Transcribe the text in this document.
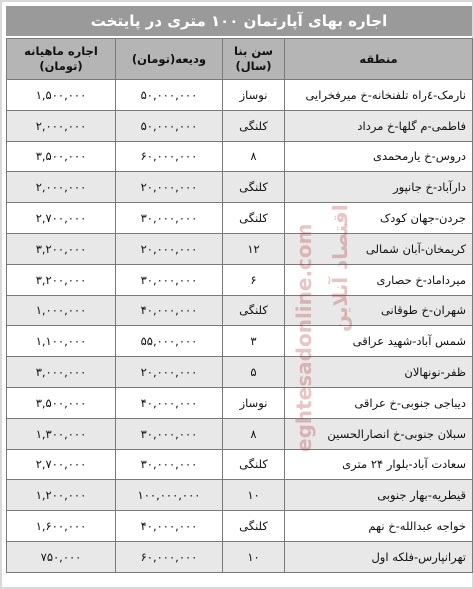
اجاره بهای آپارتمان ۱۰۰ متری در پایتخت
منطقه	سن بنا (سال)	ودیعه(تومان)	اجاره ماهیانه (تومان)
نارمک-٤راه تلفنخانه-خ میرفخرایی	نوساز	۵۰,۰۰۰,۰۰۰	۱,۵۰۰,۰۰۰
فاطمی-م گلها-خ مرداد	کلنگی	۵۰,۰۰۰,۰۰۰	۲,۰۰۰,۰۰۰
دروس-خ یارمحمدی	۸	۶۰,۰۰۰,۰۰۰	۳,۵۰۰,۰۰۰
دارآباد-خ جانپور	کلنگی	۲۰,۰۰۰,۰۰۰	۲,۰۰۰,۰۰۰
جردن-جهان کودک	کلنگی	۳۰,۰۰۰,۰۰۰	۲,۷۰۰,۰۰۰
کریمخان-آبان شمالی	۱۲	۲۰,۰۰۰,۰۰۰	۳,۲۰۰,۰۰۰
میرداماد-خ حصاری	۶	۳۰,۰۰۰,۰۰۰	۳,۲۰۰,۰۰۰
شهران-خ طوقانی	کلنگی	۴۰,۰۰۰,۰۰۰	۱,۰۰۰,۰۰۰
شمس آباد-شهید عراقی	۳	۵۵,۰۰۰,۰۰۰	۱,۱۰۰,۰۰۰
ظفر-نونهالان	۵	۲۰,۰۰۰,۰۰۰	۳,۰۰۰,۰۰۰
دیباجی جنوبی-خ عراقی	نوساز	۴۰,۰۰۰,۰۰۰	۳,۵۰۰,۰۰۰
سبلان جنوبی-خ انصارالحسین	۸	۳۰,۰۰۰,۰۰۰	۱,۳۰۰,۰۰۰
سعادت آباد-بلوار ۲۴ متری	کلنگی	۳۰,۰۰۰,۰۰۰	۲,۷۰۰,۰۰۰
قیطریه-بهار جنوبی	۱۰	۱۰۰,۰۰۰,۰۰۰	۱,۲۰۰,۰۰۰
خواجه عبدالله-خ نهم	کلنگی	۴۰,۰۰۰,۰۰۰	۱,۶۰۰,۰۰۰
تهرانپارس-فلکه اول	۱۰	۶۰,۰۰۰,۰۰۰	۷۵۰,۰۰۰
اقتصاد آنلاین
eghtesadonline.com
